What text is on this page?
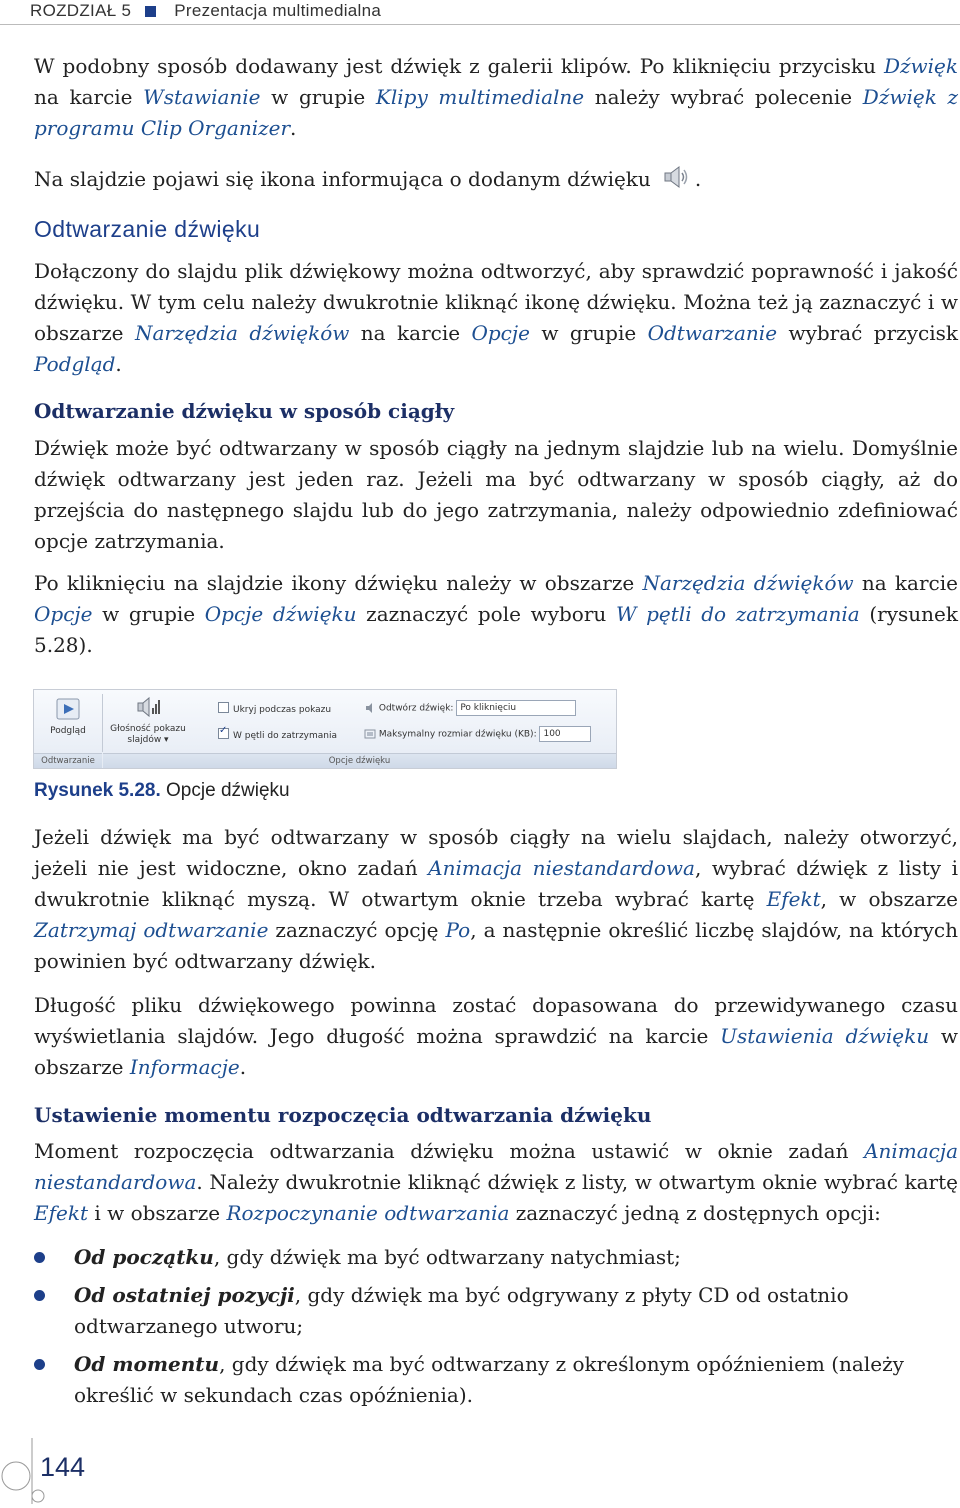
ROZDZIAŁ 5	Prezentacja multimedialna
W podobny sposób dodawany jest dźwięk z galerii klipów. Po kliknięciu przycisku Dźwięk na karcie Wstawianie w grupie Klipy multimedialne należy wybrać polecenie Dźwięk z programu Clip Organizer.
Na slajdzie pojawi się ikona informująca o dodanym dźwięku .
Odtwarzanie dźwięku
Dołączony do slajdu plik dźwiękowy można odtworzyć, aby sprawdzić poprawność i jakość dźwięku. W tym celu należy dwukrotnie kliknąć ikonę dźwięku. Można też ją zaznaczyć i w obszarze Narzędzia dźwięków na karcie Opcje w grupie Odtwarzanie wybrać przycisk Podgląd.
Odtwarzanie dźwięku w sposób ciągły
Dźwięk może być odtwarzany w sposób ciągły na jednym slajdzie lub na wielu. Domyślnie dźwięk odtwarzany jest jeden raz. Jeżeli ma być odtwarzany w sposób ciągły, aż do przejścia do następnego slajdu lub do jego zatrzymania, należy odpowiednio zdefiniować opcje zatrzymania.
Po kliknięciu na slajdzie ikony dźwięku należy w obszarze Narzędzia dźwięków na karcie Opcje w grupie Opcje dźwięku zaznaczyć pole wyboru W pętli do zatrzymania (rysunek 5.28).

Podgląd	Głośność pokazu
slajdów ▾
Ukryj podczas pokazu
✓W pętli do zatrzymania
Odtwórz dźwięk: Po kliknięciu
Maksymalny rozmiar dźwięku (KB): 100
Odtwarzanie	Opcje dźwięku
Rysunek 5.28. Opcje dźwięku
Jeżeli dźwięk ma być odtwarzany w sposób ciągły na wielu slajdach, należy otworzyć, jeżeli nie jest widoczne, okno zadań Animacja niestandardowa, wybrać dźwięk z listy i dwukrotnie kliknąć myszą. W otwartym oknie trzeba wybrać kartę Efekt, w obszarze Zatrzymaj odtwarzanie zaznaczyć opcję Po, a następnie określić liczbę slajdów, na których powinien być odtwarzany dźwięk.
Długość pliku dźwiękowego powinna zostać dopasowana do przewidywanego czasu wyświetlania slajdów. Jego długość można sprawdzić na karcie Ustawienia dźwięku w obszarze Informacje.
Ustawienie momentu rozpoczęcia odtwarzania dźwięku
Moment rozpoczęcia odtwarzania dźwięku można ustawić w oknie zadań Animacja niestandardowa. Należy dwukrotnie kliknąć dźwięk z listy, w otwartym oknie wybrać kartę Efekt i w obszarze Rozpoczynanie odtwarzania zaznaczyć jedną z dostępnych opcji:
Od początku, gdy dźwięk ma być odtwarzany natychmiast;
Od ostatniej pozycji, gdy dźwięk ma być odgrywany z płyty CD od ostatnio odtwarzanego utworu;
Od momentu, gdy dźwięk ma być odtwarzany z określonym opóźnieniem (należy określić w sekundach czas opóźnienia).
144
